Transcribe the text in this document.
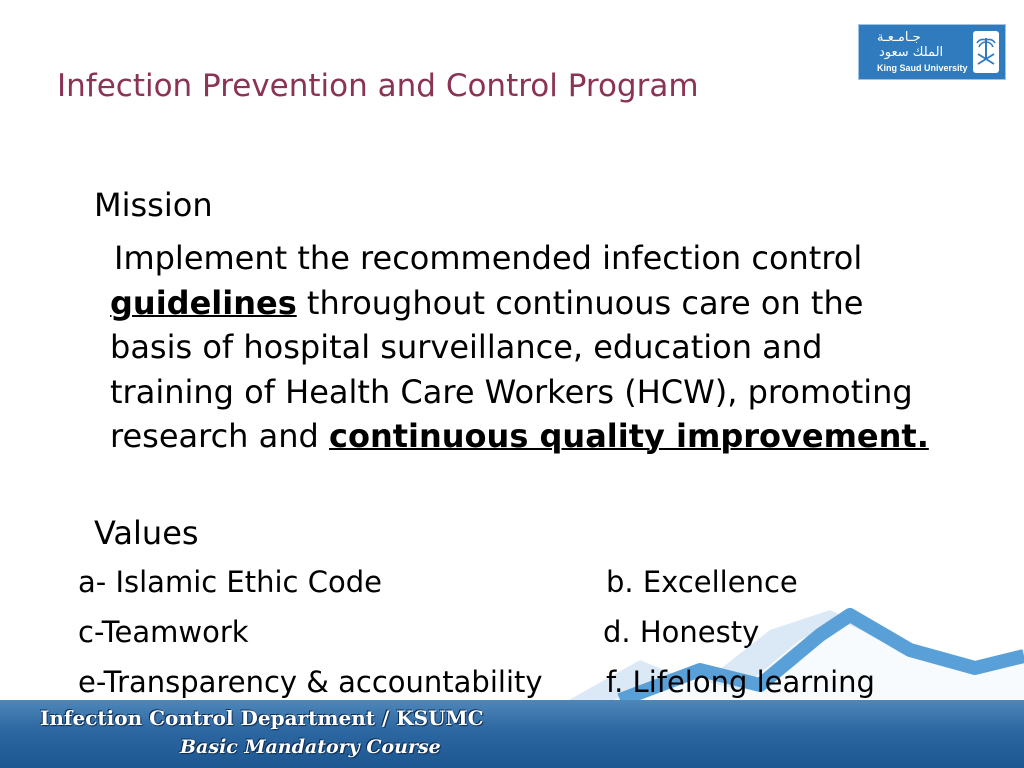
Infection Prevention and Control Program
جـامـعـة
الملك سعود
King Saud University
Mission
Implement the recommended infection control guidelines throughout continuous care on the basis of hospital surveillance, education and training of Health Care Workers (HCW), promoting research and continuous quality improvement.
Values
a- Islamic Ethic Code	b. Excellence
c-Teamwork	d. Honesty
e-Transparency & accountability f. Lifelong learning
Infection Control Department / KSUMC
Basic Mandatory Course
